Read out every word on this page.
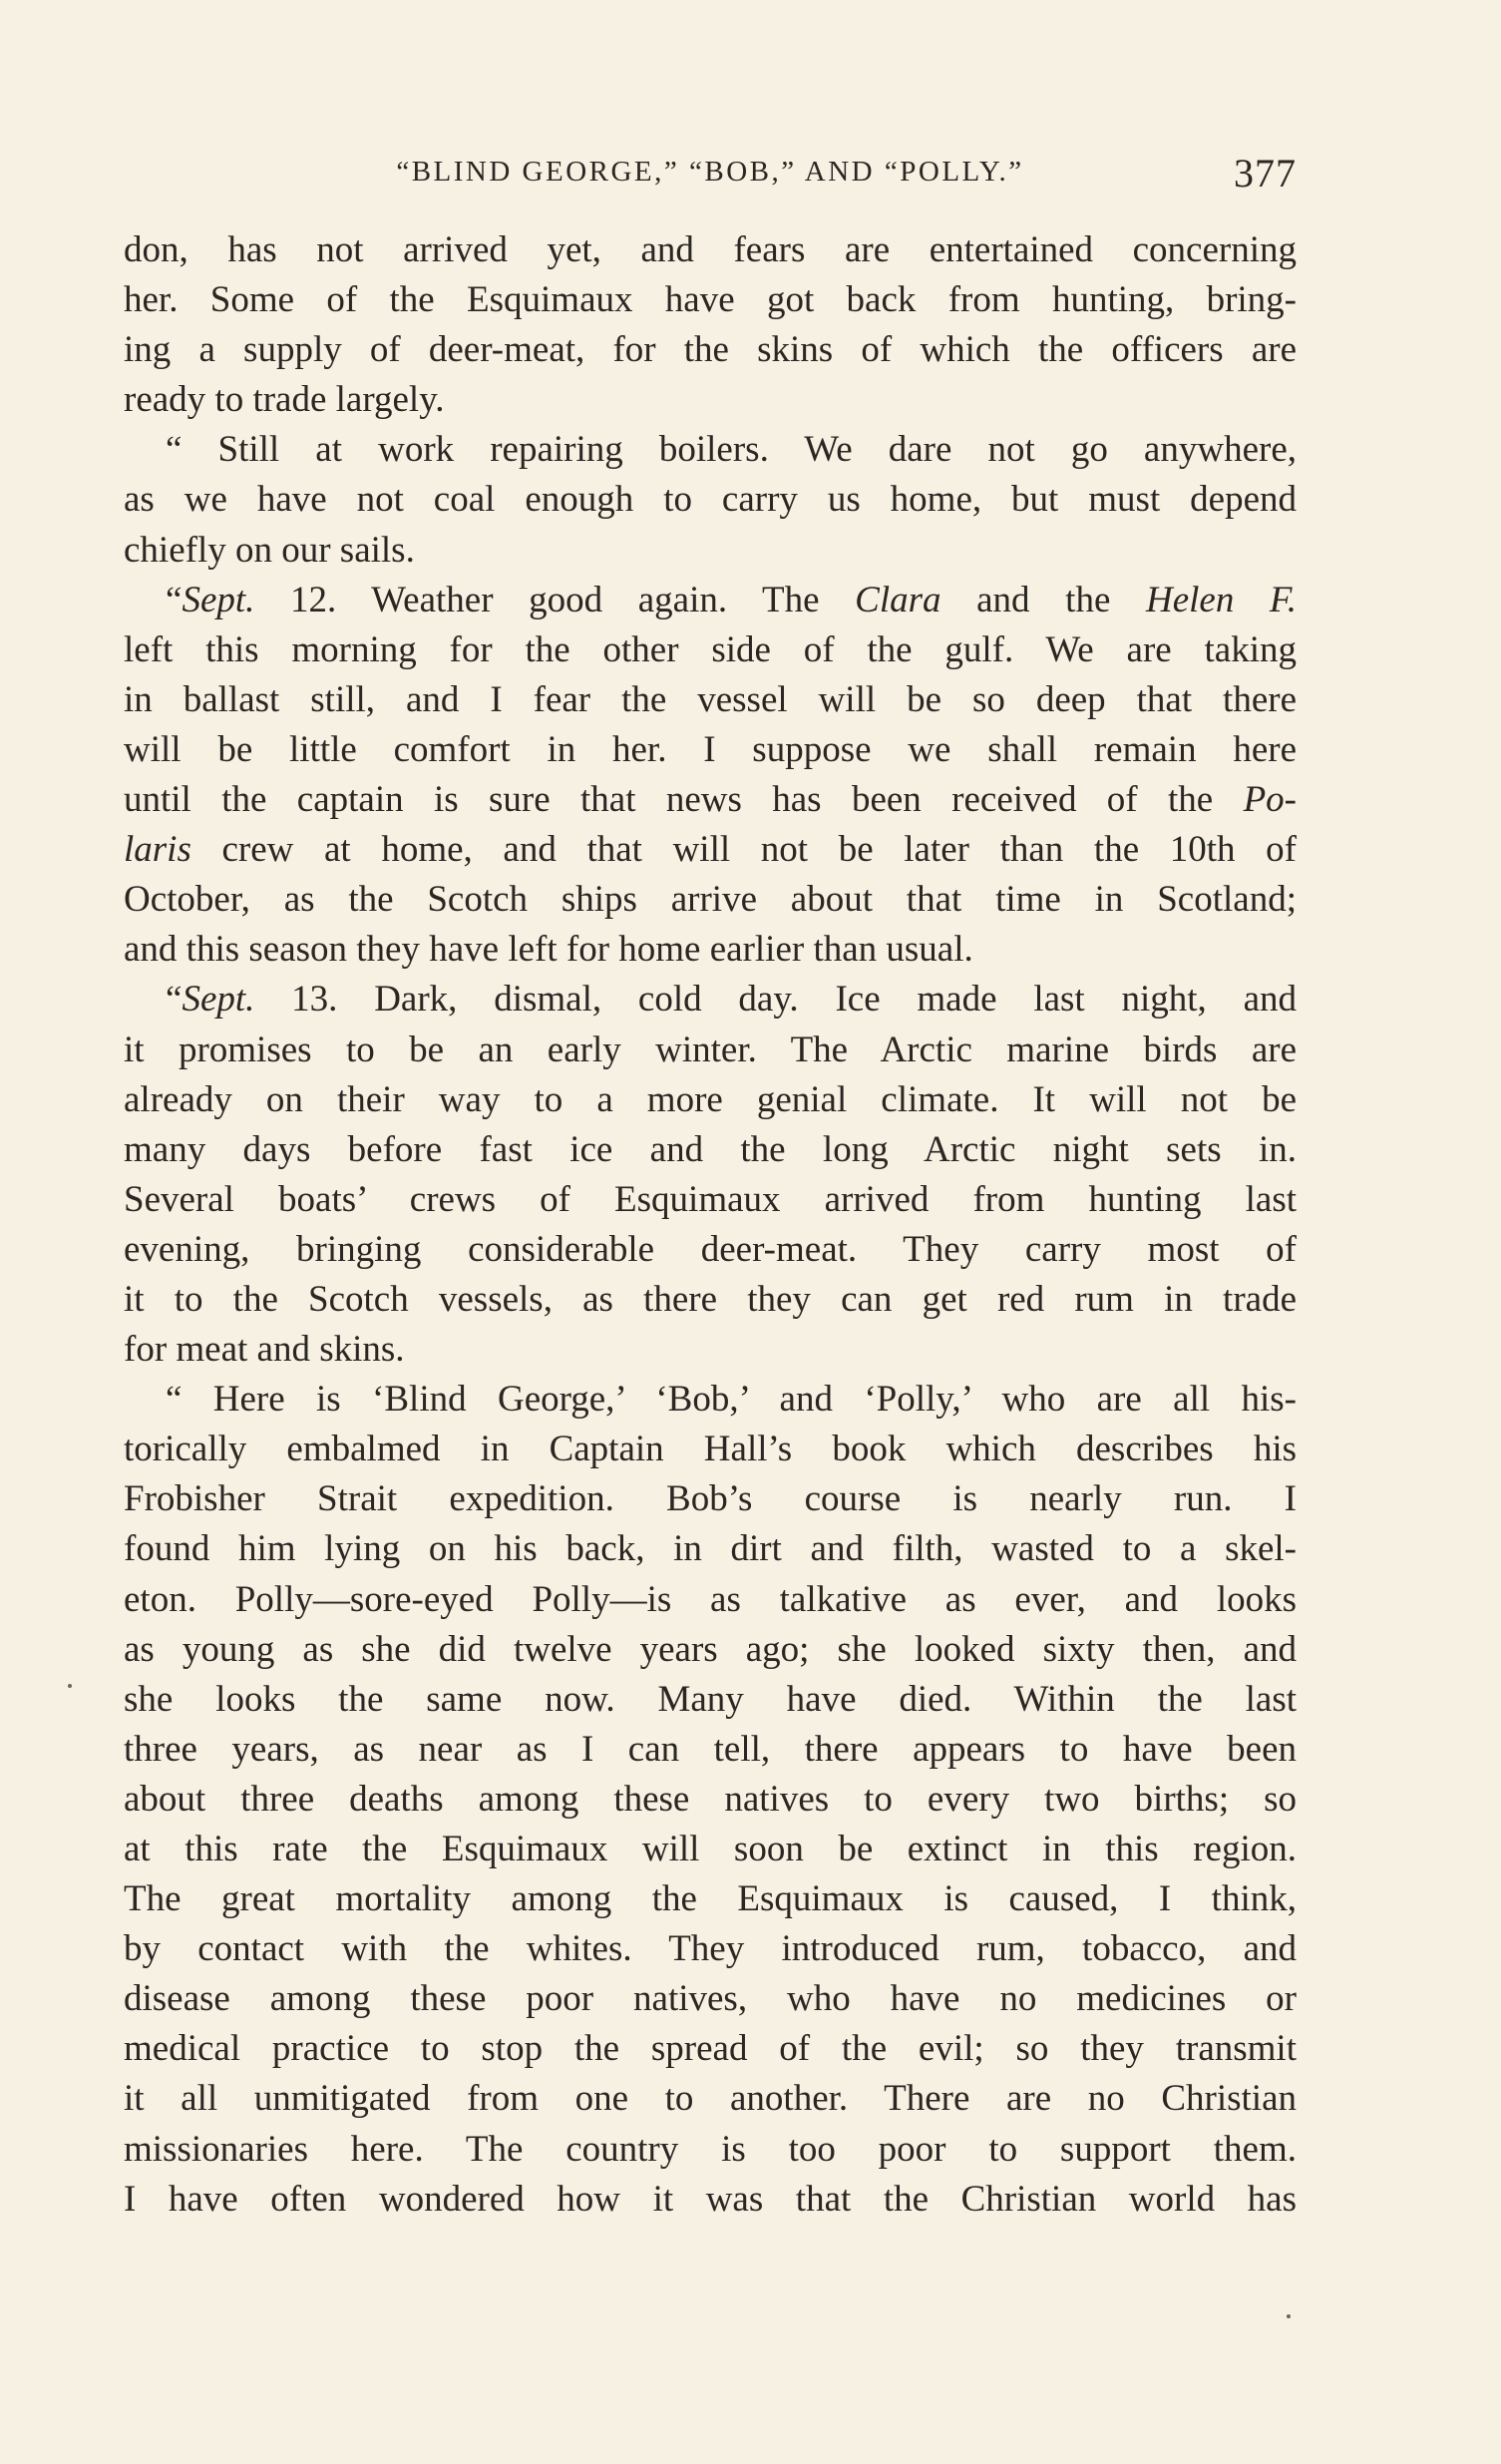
“BLIND GEORGE,” “BOB,” AND “POLLY.”	377
don, has not arrived yet, and fears are entertained concerning
her. Some of the Esquimaux have got back from hunting, bring-
ing a supply of deer-meat, for the skins of which the officers are
ready to trade largely.
“ Still at work repairing boilers. We dare not go anywhere,
as we have not coal enough to carry us home, but must depend
chiefly on our sails.
“Sept. 12. Weather good again. The Clara and the Helen F.
left this morning for the other side of the gulf. We are taking
in ballast still, and I fear the vessel will be so deep that there
will be little comfort in her. I suppose we shall remain here
until the captain is sure that news has been received of the Po-
laris crew at home, and that will not be later than the 10th of
October, as the Scotch ships arrive about that time in Scotland;
and this season they have left for home earlier than usual.
“Sept. 13. Dark, dismal, cold day. Ice made last night, and
it promises to be an early winter. The Arctic marine birds are
already on their way to a more genial climate. It will not be
many days before fast ice and the long Arctic night sets in.
Several boats’ crews of Esquimaux arrived from hunting last
evening, bringing considerable deer-meat. They carry most of
it to the Scotch vessels, as there they can get red rum in trade
for meat and skins.
“ Here is ‘Blind George,’ ‘Bob,’ and ‘Polly,’ who are all his-
torically embalmed in Captain Hall’s book which describes his
Frobisher Strait expedition. Bob’s course is nearly run. I
found him lying on his back, in dirt and filth, wasted to a skel-
eton. Polly—sore-eyed Polly—is as talkative as ever, and looks
as young as she did twelve years ago; she looked sixty then, and
she looks the same now. Many have died. Within the last
three years, as near as I can tell, there appears to have been
about three deaths among these natives to every two births; so
at this rate the Esquimaux will soon be extinct in this region.
The great mortality among the Esquimaux is caused, I think,
by contact with the whites. They introduced rum, tobacco, and
disease among these poor natives, who have no medicines or
medical practice to stop the spread of the evil; so they transmit
it all unmitigated from one to another. There are no Christian
missionaries here. The country is too poor to support them.
I have often wondered how it was that the Christian world has
